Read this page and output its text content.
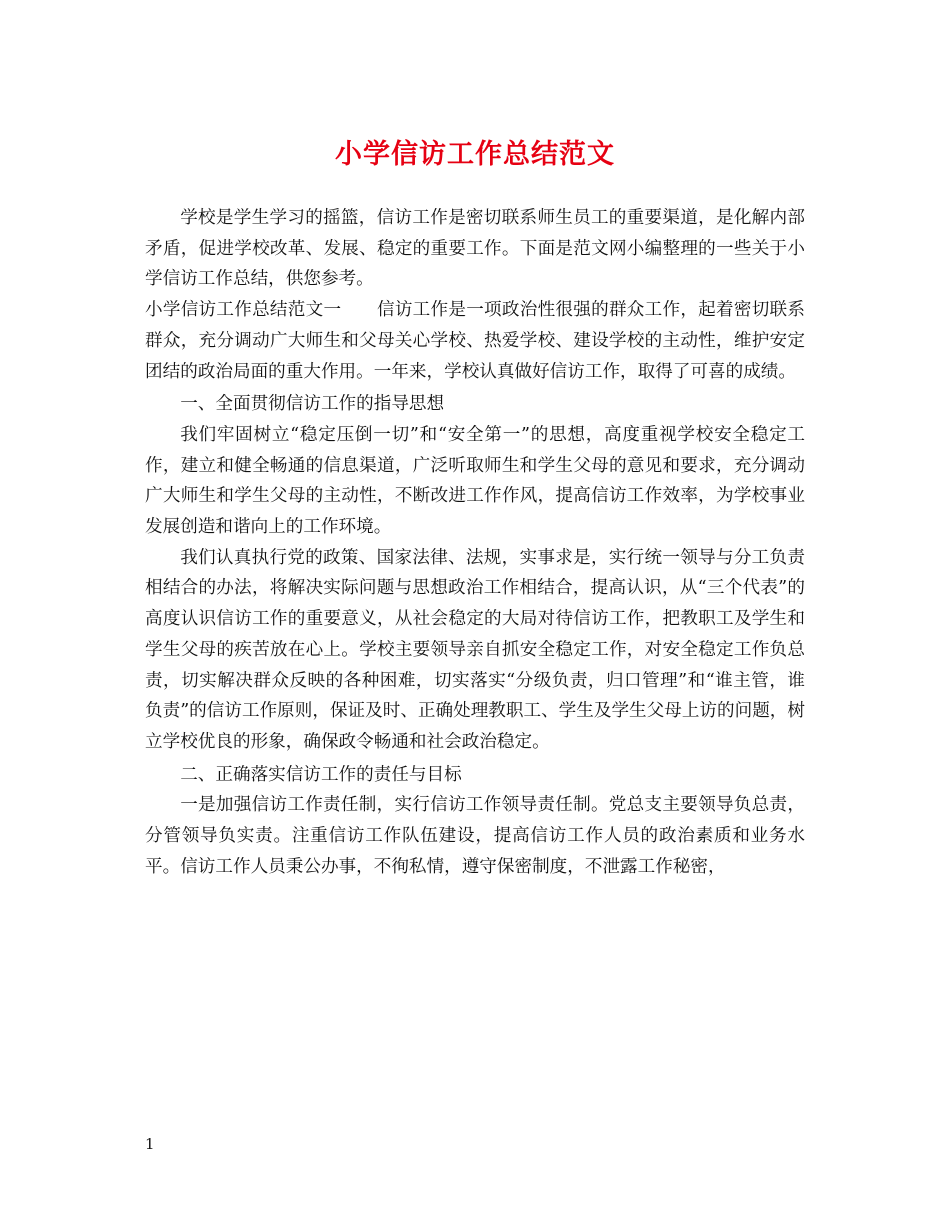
小学信访工作总结范文

学校是学生学习的摇篮，信访工作是密切联系师生员工的重要渠道，是化解内部矛盾，促进学校改革、发展、稳定的重要工作。下面是范文网小编整理的一些关于小学信访工作总结，供您参考。

小学信访工作总结范文一　　信访工作是一项政治性很强的群众工作，起着密切联系群众，充分调动广大师生和父母关心学校、热爱学校、建设学校的主动性，维护安定团结的政治局面的重大作用。一年来，学校认真做好信访工作，取得了可喜的成绩。

一、全面贯彻信访工作的指导思想

我们牢固树立“稳定压倒一切”和“安全第一”的思想，高度重视学校安全稳定工作，建立和健全畅通的信息渠道，广泛听取师生和学生父母的意见和要求，充分调动广大师生和学生父母的主动性，不断改进工作作风，提高信访工作效率，为学校事业发展创造和谐向上的工作环境。

我们认真执行党的政策、国家法律、法规，实事求是，实行统一领导与分工负责相结合的办法，将解决实际问题与思想政治工作相结合，提高认识，从“三个代表”的高度认识信访工作的重要意义，从社会稳定的大局对待信访工作，把教职工及学生和学生父母的疾苦放在心上。学校主要领导亲自抓安全稳定工作，对安全稳定工作负总责，切实解决群众反映的各种困难，切实落实“分级负责，归口管理”和“谁主管，谁负责”的信访工作原则，保证及时、正确处理教职工、学生及学生父母上访的问题，树立学校优良的形象，确保政令畅通和社会政治稳定。

二、正确落实信访工作的责任与目标

一是加强信访工作责任制，实行信访工作领导责任制。党总支主要领导负总责，分管领导负实责。注重信访工作队伍建设，提高信访工作人员的政治素质和业务水平。信访工作人员秉公办事，不徇私情，遵守保密制度，不泄露工作秘密，

1
